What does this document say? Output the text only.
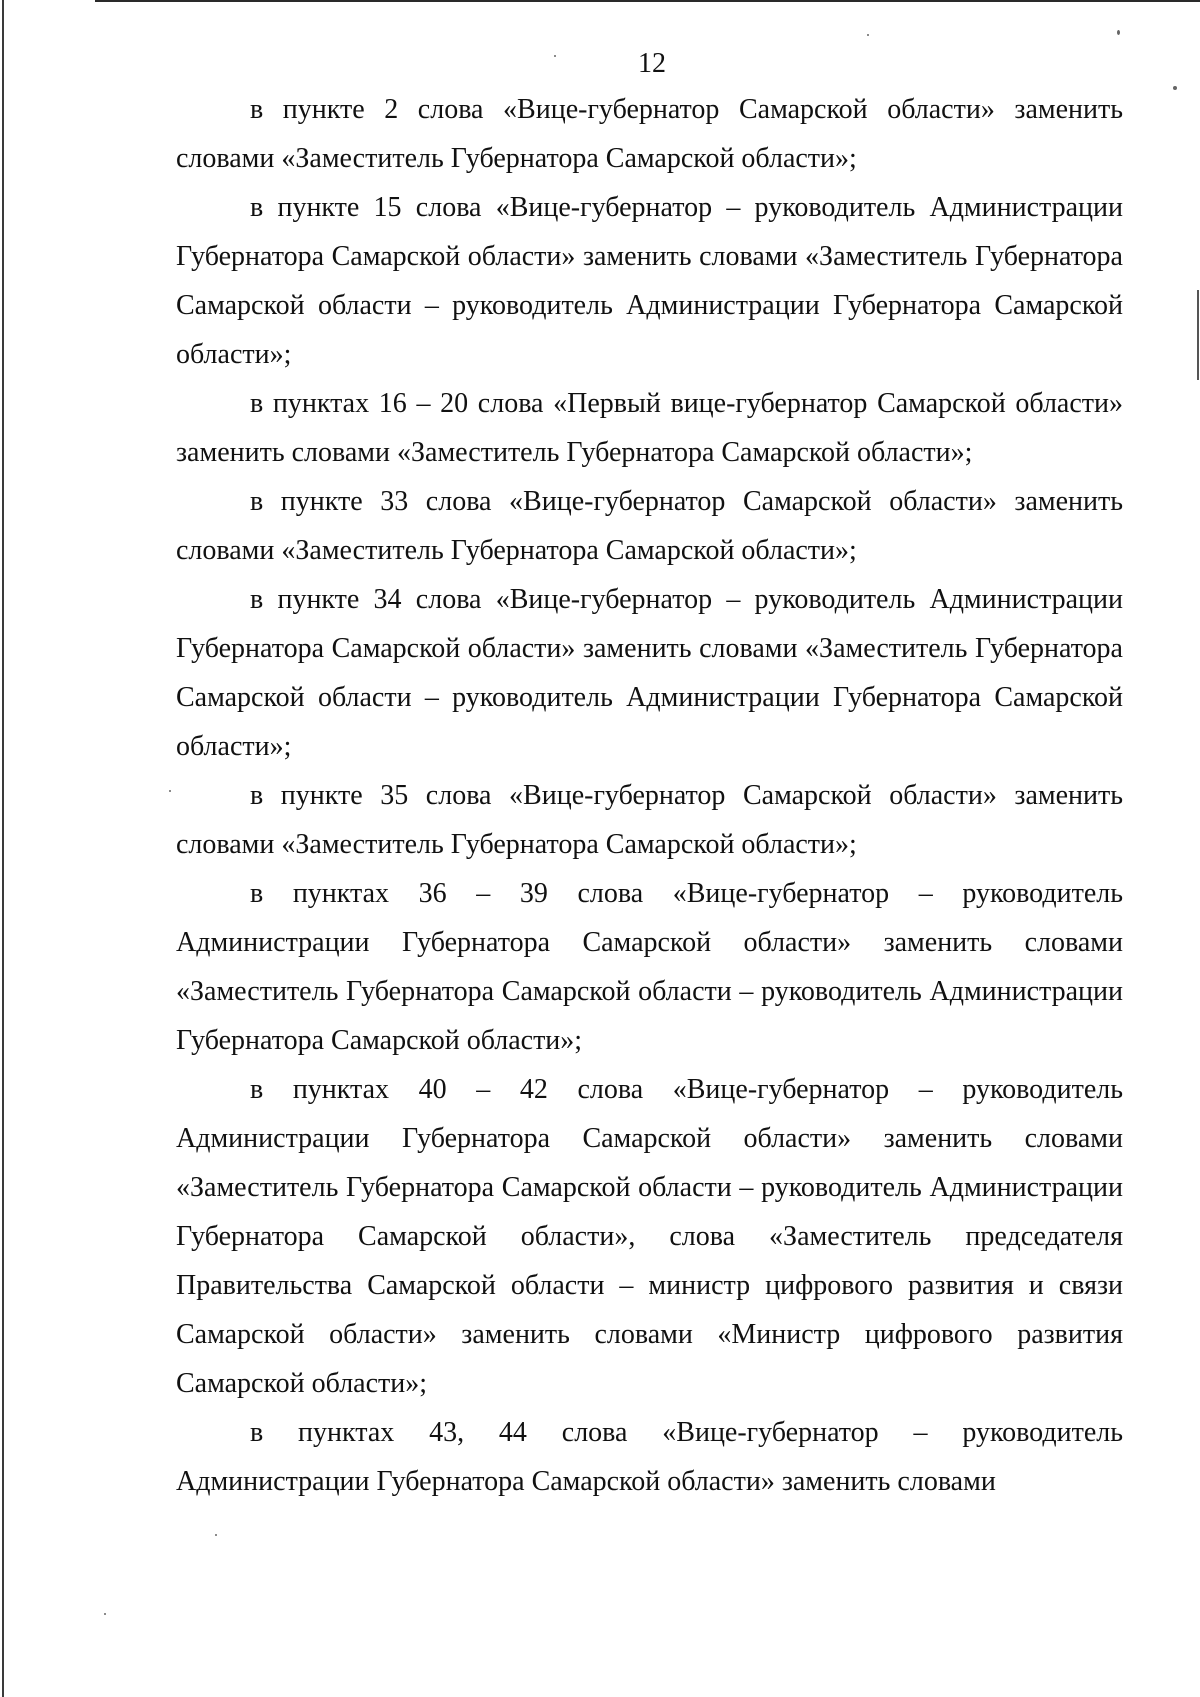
12

в пункте 2 слова «Вице-губернатор Самарской области» заменить словами «Заместитель Губернатора Самарской области»;

в пункте 15 слова «Вице-губернатор – руководитель Администрации Губернатора Самарской области» заменить словами «Заместитель Губернатора Самарской области – руководитель Администрации Губернатора Самарской области»;

в пунктах 16 – 20 слова «Первый вице-губернатор Самарской области» заменить словами «Заместитель Губернатора Самарской области»;

в пункте 33 слова «Вице-губернатор Самарской области» заменить словами «Заместитель Губернатора Самарской области»;

в пункте 34 слова «Вице-губернатор – руководитель Администрации Губернатора Самарской области» заменить словами «Заместитель Губернатора Самарской области – руководитель Администрации Губернатора Самарской области»;

в пункте 35 слова «Вице-губернатор Самарской области» заменить словами «Заместитель Губернатора Самарской области»;

в пунктах 36 – 39 слова «Вице-губернатор – руководитель Администрации Губернатора Самарской области» заменить словами «Заместитель Губернатора Самарской области – руководитель Администрации Губернатора Самарской области»;

в пунктах 40 – 42 слова «Вице-губернатор – руководитель Администрации Губернатора Самарской области» заменить словами «Заместитель Губернатора Самарской области – руководитель Администрации Губернатора Самарской области», слова «Заместитель председателя Правительства Самарской области – министр цифрового развития и связи Самарской области» заменить словами «Министр цифрового развития Самарской области»;

в пунктах 43, 44 слова «Вице-губернатор – руководитель Администрации Губернатора Самарской области» заменить словами
